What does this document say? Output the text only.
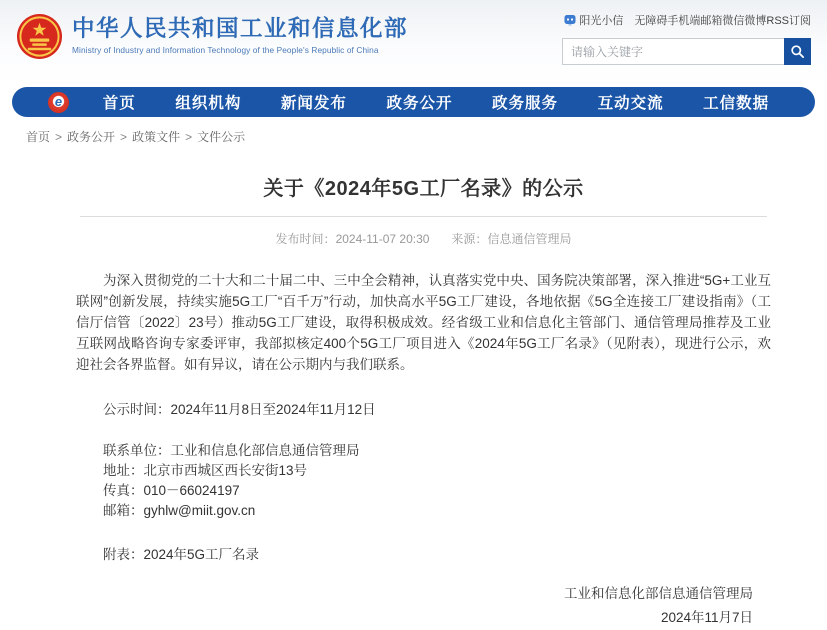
中华人民共和国工业和信息化部
Ministry of Industry and Information Technology of the People's Republic of China
阳光小信 无障碍手机端邮箱微信微博RSS订阅
请输入关键字
e	首页	组织机构	新闻发布	政务公开	政务服务	互动交流	工信数据
首页 > 政务公开 > 政策文件 > 文件公示
关于《2024年5G工厂名录》的公示
发布时间：2024-11-07 20:30 来源：信息通信管理局

为深入贯彻党的二十大和二十届二中、三中全会精神，认真落实党中央、国务院决策部署，深入推进“5G+工业互联网”创新发展，持续实施5G工厂“百千万”行动，加快高水平5G工厂建设，各地依据《5G全连接工厂建设指南》（工信厅信管〔2022〕23号）推动5G工厂建设，取得积极成效。经省级工业和信息化主管部门、通信管理局推荐及工业互联网战略咨询专家委评审，我部拟核定400个5G工厂项目进入《2024年5G工厂名录》（见附表），现进行公示，欢迎社会各界监督。如有异议，请在公示期内与我们联系。

公示时间：2024年11月8日至2024年11月12日

联系单位：工业和信息化部信息通信管理局

地址：北京市西城区西长安街13号

传真：010－66024197

邮箱：gyhlw@miit.gov.cn

附表：2024年5G工厂名录

工业和信息化部信息通信管理局
2024年11月7日
